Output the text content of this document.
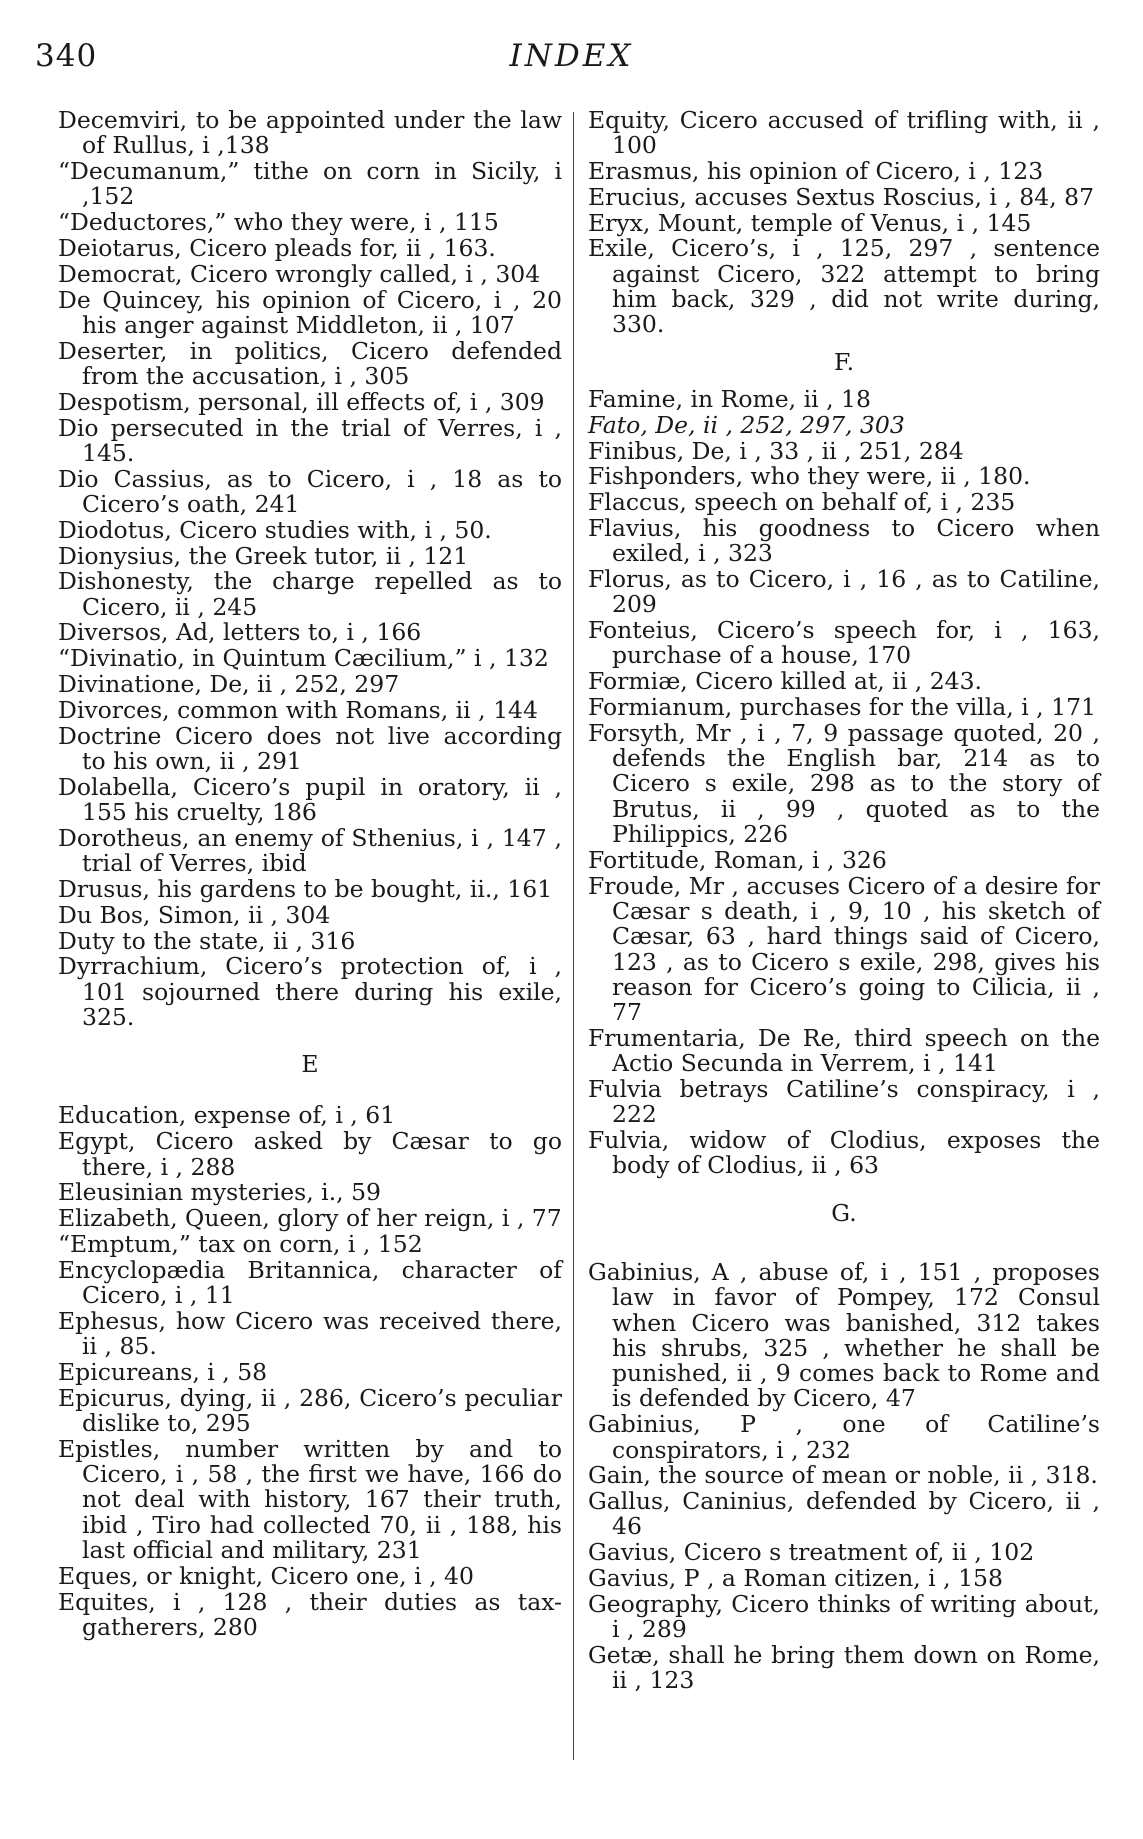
340	INDEX
Decemviri, to be appointed under the law of Rullus, i ,138
“Decumanum,” tithe on corn in Sicily, i ,152
“Deductores,” who they were, i , 115
Deiotarus, Cicero pleads for, ii , 163.
Democrat, Cicero wrongly called, i , 304
De Quincey, his opinion of Cicero, i , 20 his anger against Middleton, ii , 107
Deserter, in politics, Cicero defended from the accusation, i , 305
Despotism, personal, ill effects of, i , 309
Dio persecuted in the trial of Verres, i , 145.
Dio Cassius, as to Cicero, i , 18 as to Cicero’s oath, 241
Diodotus, Cicero studies with, i , 50.
Dionysius, the Greek tutor, ii , 121
Dishonesty, the charge repelled as to Cicero, ii , 245
Diversos, Ad, letters to, i , 166
“Divinatio, in Quintum Cæcilium,” i , 132
Divinatione, De, ii , 252, 297
Divorces, common with Romans, ii , 144
Doctrine Cicero does not live according to his own, ii , 291
Dolabella, Cicero’s pupil in oratory, ii , 155 his cruelty, 186
Dorotheus, an enemy of Sthenius, i , 147 , trial of Verres, ibid
Drusus, his gardens to be bought, ii., 161
Du Bos, Simon, ii , 304
Duty to the state, ii , 316
Dyrrachium, Cicero’s protection of, i , 101 sojourned there during his exile, 325.
E
Education, expense of, i , 61
Egypt, Cicero asked by Cæsar to go there, i , 288
Eleusinian mysteries, i., 59
Elizabeth, Queen, glory of her reign, i , 77
“Emptum,” tax on corn, i , 152
Encyclopædia Britannica, character of Cicero, i , 11
Ephesus, how Cicero was received there, ii , 85.
Epicureans, i , 58
Epicurus, dying, ii , 286, Cicero’s peculiar dislike to, 295
Epistles, number written by and to Cicero, i , 58 , the first we have, 166 do not deal with history, 167 their truth, ibid , Tiro had collected 70, ii , 188, his last official and military, 231
Eques, or knight, Cicero one, i , 40
Equites, i , 128 , their duties as tax-gatherers, 280
Equity, Cicero accused of trifling with, ii , 100
Erasmus, his opinion of Cicero, i , 123
Erucius, accuses Sextus Roscius, i , 84, 87
Eryx, Mount, temple of Venus, i , 145
Exile, Cicero’s, i , 125, 297 , sentence against Cicero, 322 attempt to bring him back, 329 , did not write during, 330.
F.
Famine, in Rome, ii , 18
Fato, De, ii , 252, 297, 303
Finibus, De, i , 33 , ii , 251, 284
Fishponders, who they were, ii , 180.
Flaccus, speech on behalf of, i , 235
Flavius, his goodness to Cicero when exiled, i , 323
Florus, as to Cicero, i , 16 , as to Catiline, 209
Fonteius, Cicero’s speech for, i , 163, purchase of a house, 170
Formiæ, Cicero killed at, ii , 243.
Formianum, purchases for the villa, i , 171
Forsyth, Mr , i , 7, 9 passage quoted, 20 , defends the English bar, 214 as to Cicero s exile, 298 as to the story of Brutus, ii , 99 , quoted as to the Philippics, 226
Fortitude, Roman, i , 326
Froude, Mr , accuses Cicero of a desire for Cæsar s death, i , 9, 10 , his sketch of Cæsar, 63 , hard things said of Cicero, 123 , as to Cicero s exile, 298, gives his reason for Cicero’s going to Cilicia, ii , 77
Frumentaria, De Re, third speech on the Actio Secunda in Verrem, i , 141
Fulvia betrays Catiline’s conspiracy, i , 222
Fulvia, widow of Clodius, exposes the body of Clodius, ii , 63
G.
Gabinius, A , abuse of, i , 151 , proposes law in favor of Pompey, 172 Consul when Cicero was banished, 312 takes his shrubs, 325 , whether he shall be punished, ii , 9 comes back to Rome and is defended by Cicero, 47
Gabinius, P , one of Catiline’s conspirators, i , 232
Gain, the source of mean or noble, ii , 318.
Gallus, Caninius, defended by Cicero, ii , 46
Gavius, Cicero s treatment of, ii , 102
Gavius, P , a Roman citizen, i , 158
Geography, Cicero thinks of writing about, i , 289
Getæ, shall he bring them down on Rome, ii , 123
